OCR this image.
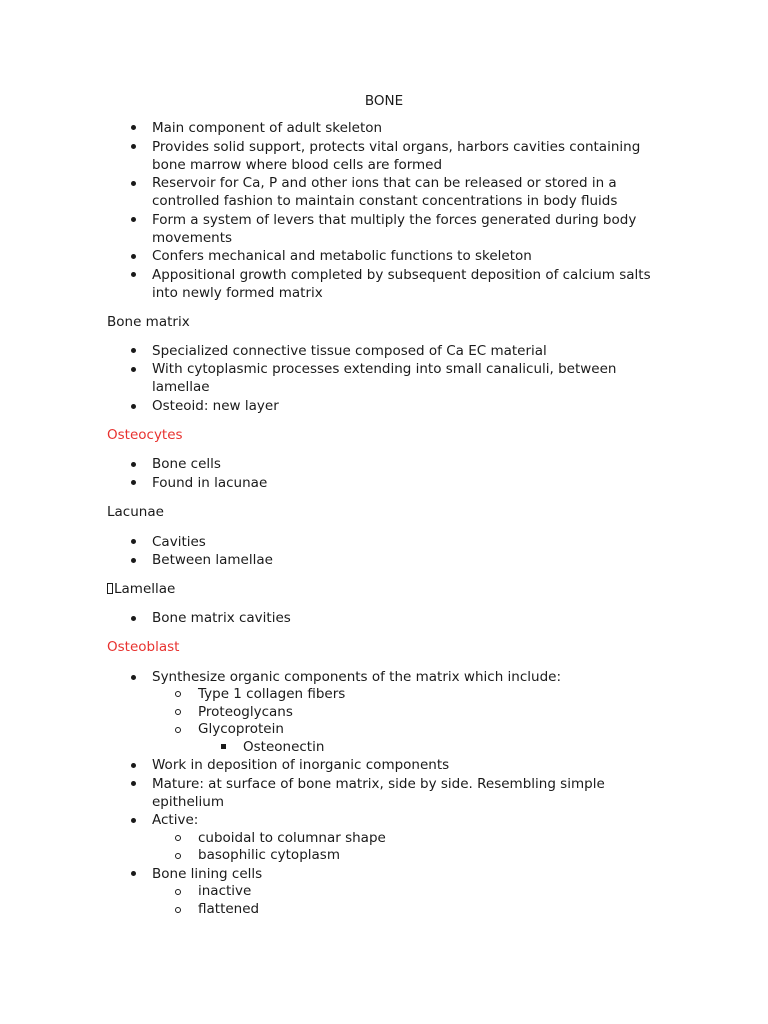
BONE
Main component of adult skeleton
Provides solid support, protects vital organs, harbors cavities containing bone marrow where blood cells are formed
Reservoir for Ca, P and other ions that can be released or stored in a controlled fashion to maintain constant concentrations in body fluids
Form a system of levers that multiply the forces generated during body movements
Confers mechanical and metabolic functions to skeleton
Appositional growth completed by subsequent deposition of calcium salts into newly formed matrix
Bone matrix
Specialized connective tissue composed of Ca EC material
With cytoplasmic processes extending into small canaliculi, between lamellae
Osteoid: new layer
Osteocytes
Bone cells
Found in lacunae
Lacunae
Cavities
Between lamellae
Lamellae
Bone matrix cavities
Osteoblast
Synthesize organic components of the matrix which include:
Type 1 collagen fibers
Proteoglycans
Glycoprotein
Osteonectin
Work in deposition of inorganic components
Mature: at surface of bone matrix, side by side. Resembling simple epithelium
Active:
cuboidal to columnar shape
basophilic cytoplasm
Bone lining cells
inactive
flattened
